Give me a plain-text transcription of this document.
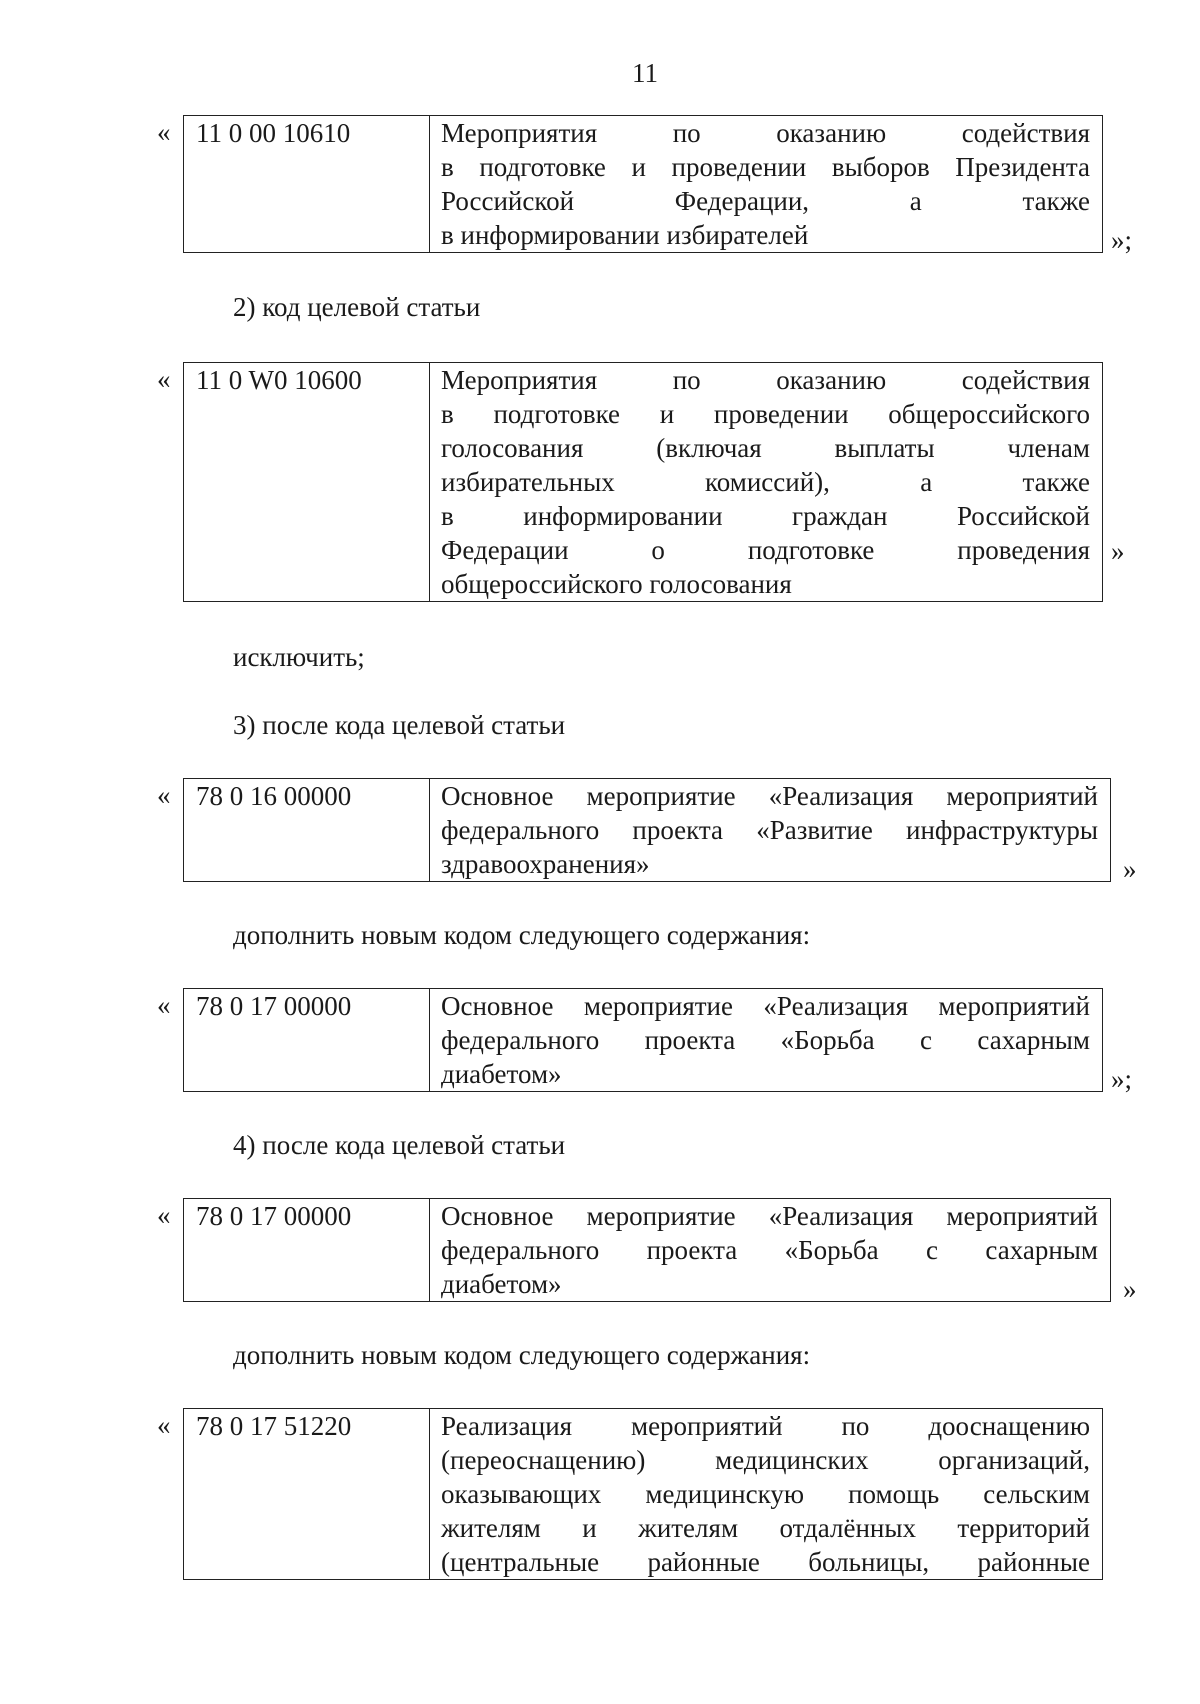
11
« 11 0 00 10610	Мероприятия по оказанию содействия
в подготовке и проведении выборов Президента
Российской Федерации, а также
в информировании избирателей	»;
2) код целевой статьи
« 11 0 W0 10600	Мероприятия по оказанию содействия
в подготовке и проведении общероссийского
голосования (включая выплаты членам
избирательных комиссий), а также
в информировании граждан Российской
Федерации о подготовке проведения
общероссийского голосования
»
исключить;
3) после кода целевой статьи
« 78 0 16 00000	Основное мероприятие «Реализация мероприятий
федерального проекта «Развитие инфраструктуры
здравоохранения»	»
дополнить новым кодом следующего содержания:
« 78 0 17 00000	Основное мероприятие «Реализация мероприятий
федерального проекта «Борьба с сахарным
диабетом»	»;
4) после кода целевой статьи
« 78 0 17 00000	Основное мероприятие «Реализация мероприятий
федерального проекта «Борьба с сахарным
диабетом»	»
дополнить новым кодом следующего содержания:
« 78 0 17 51220	Реализация мероприятий по дооснащению
(переоснащению) медицинских организаций,
оказывающих медицинскую помощь сельским
жителям и жителям отдалённых территорий
(центральные районные больницы, районные
